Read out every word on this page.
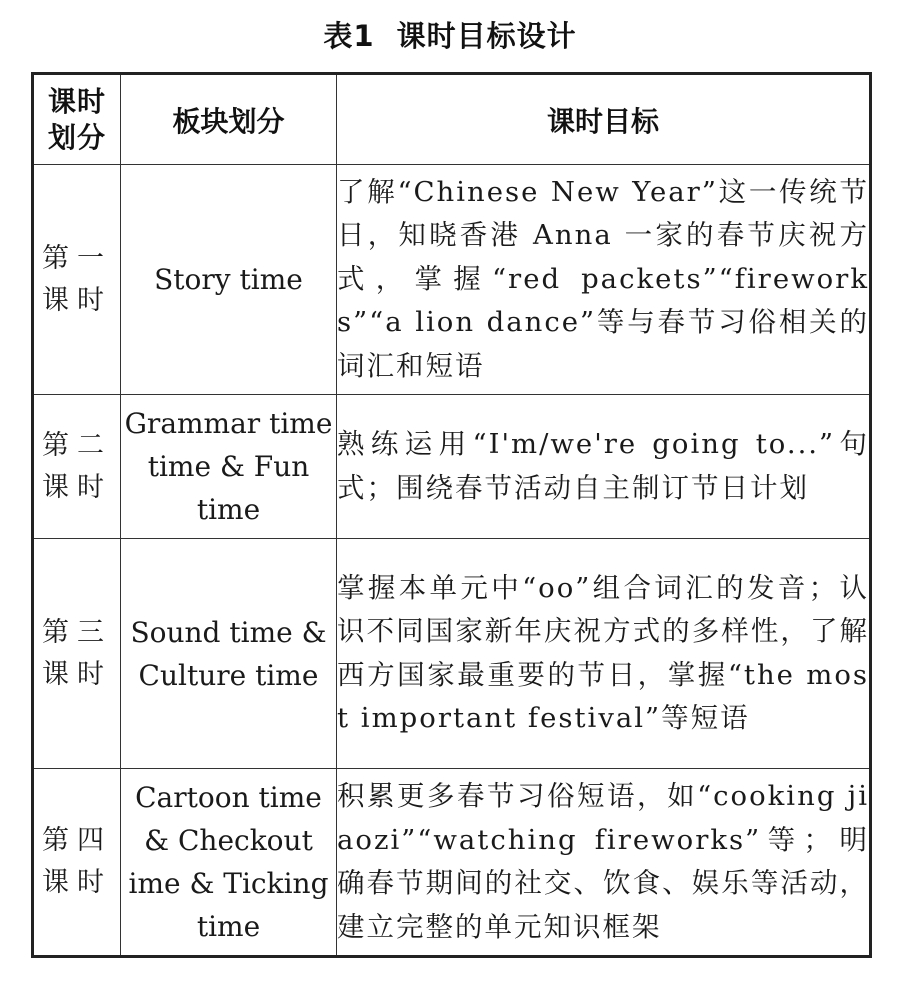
表1 课时目标设计
课时划分	板块划分	课时目标
第一课时	Story time	了解“Chinese New Year”这一传统节日，知晓香港 Anna 一家的春节庆祝方式，掌握“red packets”“fireworks”“a lion dance”等与春节习俗相关的词汇和短语
第二课时	Grammar time time & Fun time	熟练运用“I'm/we're going to...”句式；围绕春节活动自主制订节日计划
第三课时	Sound time & Culture time	掌握本单元中“oo”组合词汇的发音；认识不同国家新年庆祝方式的多样性，了解西方国家最重要的节日，掌握“the most important festival”等短语
第四课时	Cartoon time & Checkout ime & Ticking time	积累更多春节习俗短语，如“cooking jiaozi”“watching fireworks”等；明确春节期间的社交、饮食、娱乐等活动，建立完整的单元知识框架
